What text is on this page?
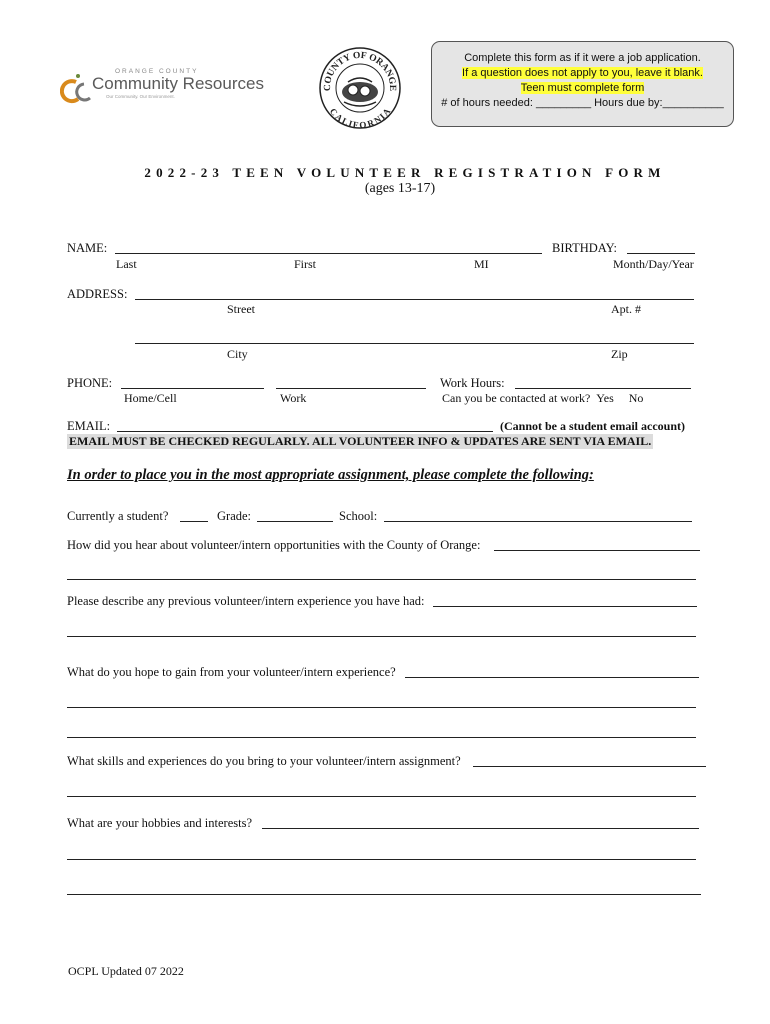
ORANGE COUNTY
Community Resources
Our Community. Our Environment.
COUNTY OF ORANGE
CALIFORNIA
Complete this form as if it were a job application.
If a question does not apply to you, leave it blank.
Teen must complete form
# of hours needed: _________ Hours due by:__________
2022-23 TEEN VOLUNTEER REGISTRATION FORM
(ages 13-17)
NAME:	BIRTHDAY:
Last	First	MI	Month/Day/Year
ADDRESS:
Street	Apt. #
City	Zip
PHONE:	Work Hours:
Home/Cell	Work	Can you be contacted at work? Yes No
EMAIL:	(Cannot be a student email account)
EMAIL MUST BE CHECKED REGULARLY. ALL VOLUNTEER INFO & UPDATES ARE SENT VIA EMAIL.
In order to place you in the most appropriate assignment, please complete the following:
Currently a student?	Grade:	School:
How did you hear about volunteer/intern opportunities with the County of Orange:
Please describe any previous volunteer/intern experience you have had:
What do you hope to gain from your volunteer/intern experience?
What skills and experiences do you bring to your volunteer/intern assignment?
What are your hobbies and interests?
OCPL Updated 07 2022
